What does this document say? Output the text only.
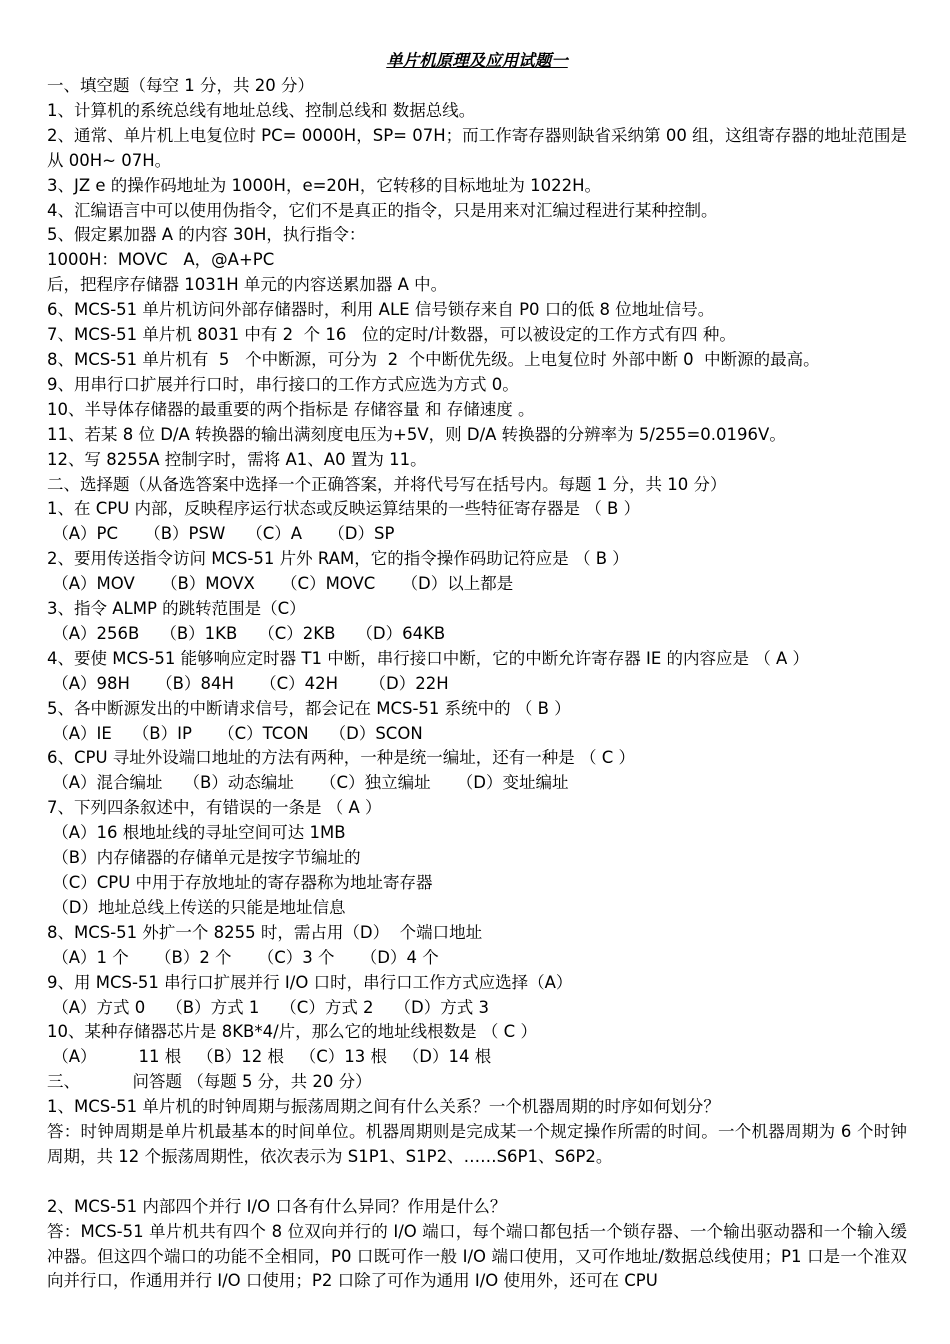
单片机原理及应用试题一
一、填空题（每空 1 分，共 20 分）
1、计算机的系统总线有地址总线、控制总线和 数据总线。
2、通常、单片机上电复位时 PC= 0000H，SP= 07H；而工作寄存器则缺省采纳第 00 组，这组寄存器的地址范围是从 00H~ 07H。
3、JZ e 的操作码地址为 1000H，e=20H，它转移的目标地址为 1022H。
4、汇编语言中可以使用伪指令，它们不是真正的指令，只是用来对汇编过程进行某种控制。
5、假定累加器 A 的内容 30H，执行指令：
1000H：MOVC   A，@A+PC
后，把程序存储器 1031H 单元的内容送累加器 A 中。
6、MCS-51 单片机访问外部存储器时，利用 ALE 信号锁存来自 P0 口的低 8 位地址信号。
7、MCS-51 单片机 8031 中有 2  个 16   位的定时/计数器，可以被设定的工作方式有四 种。
8、MCS-51 单片机有  5   个中断源，可分为  2  个中断优先级。上电复位时 外部中断 0  中断源的最高。
9、用串行口扩展并行口时，串行接口的工作方式应选为方式 0。
10、半导体存储器的最重要的两个指标是 存储容量 和 存储速度 。
11、若某 8 位 D/A 转换器的输出满刻度电压为+5V，则 D/A 转换器的分辨率为 5/255=0.0196V。
12、写 8255A 控制字时，需将 A1、A0 置为 11。
二、选择题（从备选答案中选择一个正确答案，并将代号写在括号内。每题 1 分，共 10 分）
1、在 CPU 内部，反映程序运行状态或反映运算结果的一些特征寄存器是 （ B ）
（A）PC     （B）PSW    （C）A     （D）SP
2、要用传送指令访问 MCS-51 片外 RAM，它的指令操作码助记符应是 （ B ）
（A）MOV     （B）MOVX     （C）MOVC     （D）以上都是
3、指令 ALMP 的跳转范围是（C）
（A）256B    （B）1KB    （C）2KB    （D）64KB
4、要使 MCS-51 能够响应定时器 T1 中断，串行接口中断，它的中断允许寄存器 IE 的内容应是 （ A ）
（A）98H     （B）84H     （C）42H      （D）22H
5、各中断源发出的中断请求信号，都会记在 MCS-51 系统中的 （ B ）
（A）IE    （B）IP     （C）TCON    （D）SCON
6、CPU 寻址外设端口地址的方法有两种，一种是统一编址，还有一种是 （ C ）
（A）混合编址    （B）动态编址     （C）独立编址     （D）变址编址
7、下列四条叙述中，有错误的一条是 （ A ）
（A）16 根地址线的寻址空间可达 1MB
（B）内存储器的存储单元是按字节编址的
（C）CPU 中用于存放地址的寄存器称为地址寄存器
（D）地址总线上传送的只能是地址信息
8、MCS-51 外扩一个 8255 时，需占用（D）  个端口地址
（A）1 个     （B）2 个     （C）3 个     （D）4 个
9、用 MCS-51 串行口扩展并行 I/O 口时，串行口工作方式应选择（A）
（A）方式 0    （B）方式 1    （C）方式 2    （D）方式 3
10、某种存储器芯片是 8KB*4/片，那么它的地址线根数是 （ C ）
（A）        11 根   （B）12 根   （C）13 根   （D）14 根
三、          问答题 （每题 5 分，共 20 分）
1、MCS-51 单片机的时钟周期与振荡周期之间有什么关系？一个机器周期的时序如何划分？
答：时钟周期是单片机最基本的时间单位。机器周期则是完成某一个规定操作所需的时间。一个机器周期为 6 个时钟周期，共 12 个振荡周期性，依次表示为 S1P1、S1P2、……S6P1、S6P2。
2、MCS-51 内部四个并行 I/O 口各有什么异同？作用是什么？
答：MCS-51 单片机共有四个 8 位双向并行的 I/O 端口，每个端口都包括一个锁存器、一个输出驱动器和一个输入缓冲器。但这四个端口的功能不全相同，P0 口既可作一般 I/O 端口使用，又可作地址/数据总线使用；P1 口是一个准双向并行口，作通用并行 I/O 口使用；P2 口除了可作为通用 I/O 使用外，还可在 CPU
